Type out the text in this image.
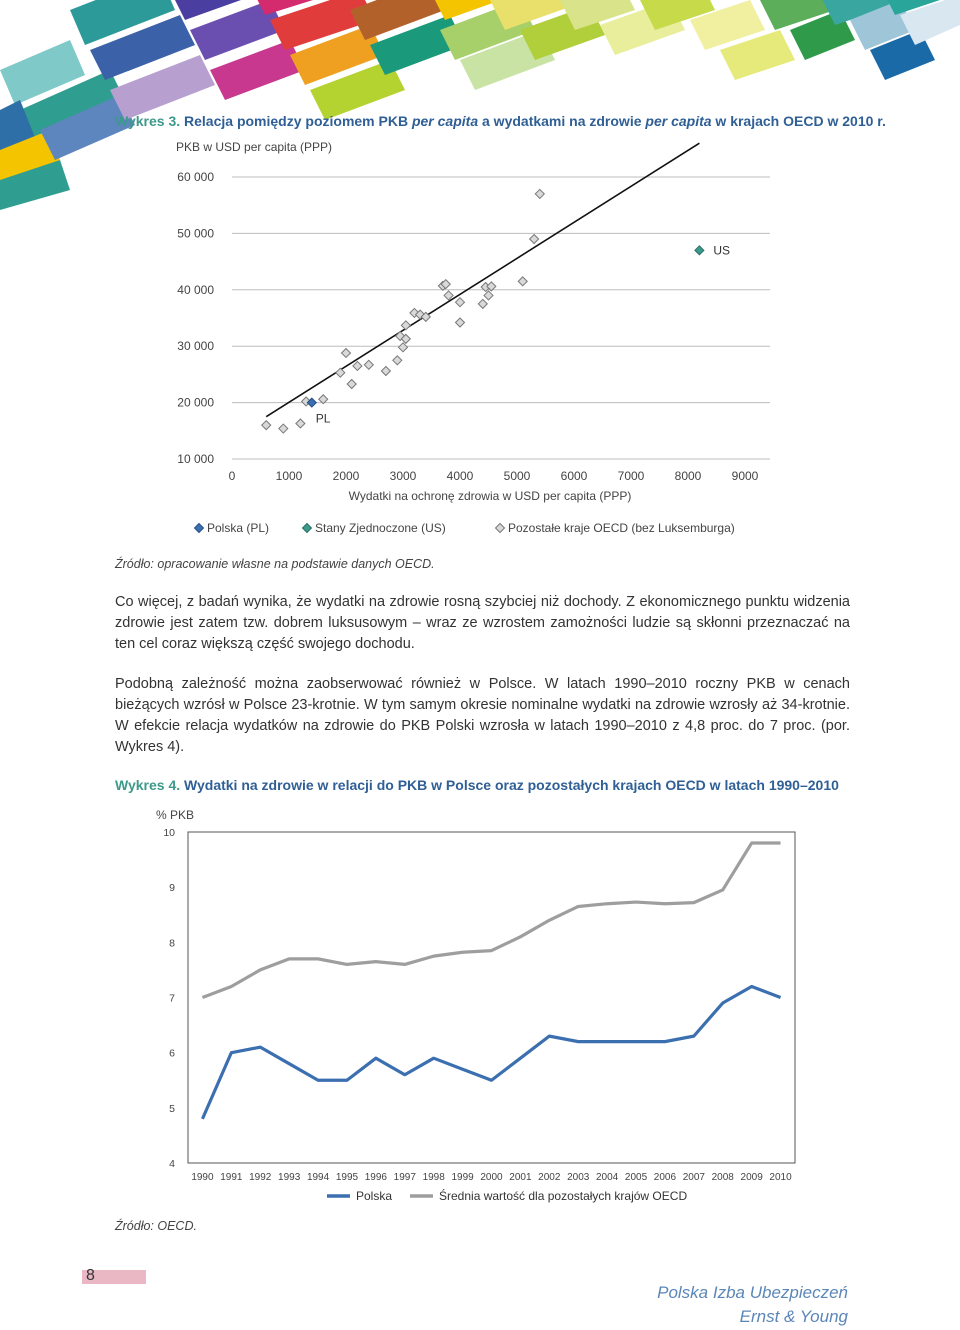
Wykres 3. Relacja pomiędzy poziomem PKB per capita a wydatkami na zdrowie per capita w krajach OECD w 2010 r.
PKB w USD per capita (PPP)
10 000
20 000
30 000
40 000
50 000
60 000
0	1000	2000	3000	4000	5000	6000	7000	8000	9000
Wydatki na ochronę zdrowia w USD per capita (PPP)
PL
US
Polska (PL)	Stany Zjednoczone (US)	Pozostałe kraje OECD (bez Luksemburga)
Źródło: opracowanie własne na podstawie danych OECD.
Co więcej, z badań wynika, że wydatki na zdrowie rosną szybciej niż dochody. Z ekonomicznego punktu widzenia zdrowie jest zatem tzw. dobrem luksusowym – wraz ze wzrostem zamożności ludzie są skłonni przeznaczać na ten cel coraz większą część swojego dochodu.
Podobną zależność można zaobserwować również w Polsce. W latach 1990–2010 roczny PKB w cenach bieżących wzrósł w Polsce 23-krotnie. W tym samym okresie nominalne wydatki na zdrowie wzrosły aż 34-krotnie. W efekcie relacja wydatków na zdrowie do PKB Polski wzrosła w latach 1990–2010 z 4,8 proc. do 7 proc. (por. Wykres 4).
Wykres 4. Wydatki na zdrowie w relacji do PKB w Polsce oraz pozostałych krajach OECD w latach 1990–2010
% PKB
4
5
6
7
8
9
10
1990 1991 1992 1993 1994 1995 1996 1997 1998 1999 2000 2001 2002 2003 2004 2005 2006 2007 2008 2009 2010
Polska	Średnia wartość dla pozostałych krajów OECD
Źródło: OECD.
8
Polska Izba Ubezpieczeń
Ernst & Young
